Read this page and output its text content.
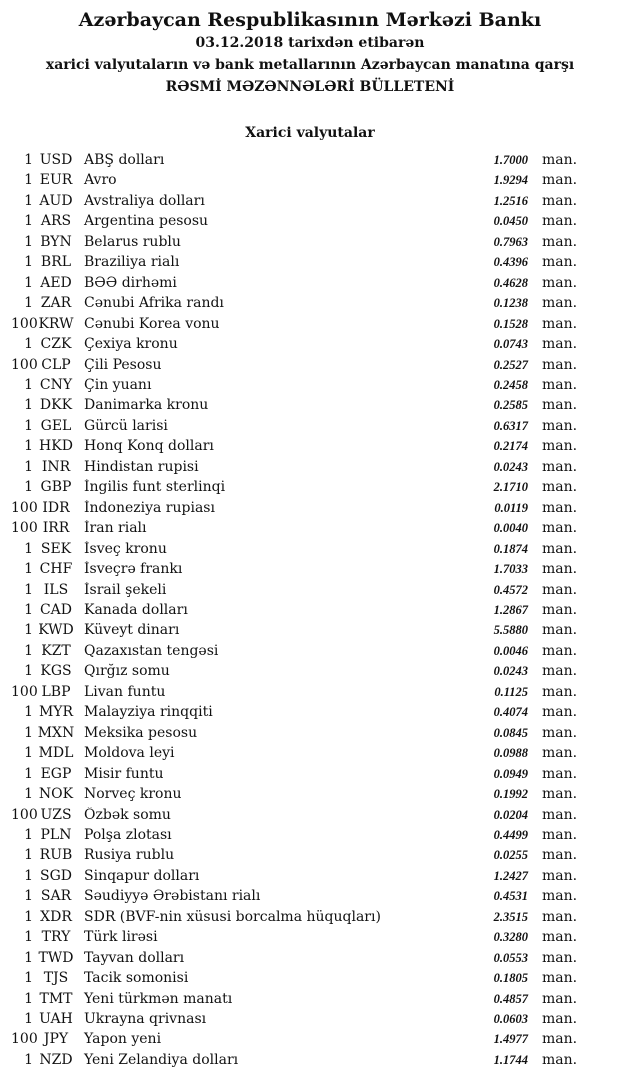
Azərbaycan Respublikasının Mərkəzi Bankı
03.12.2018 tarixdən etibarən
xarici valyutaların və bank metallarının Azərbaycan manatına qarşı
RƏSMİ MƏZƏNNƏLƏRİ BÜLLETENİ
Xarici valyutalar
1 USD ABŞ dolları	1.7000	man.
1 EUR Avro	1.9294	man.
1 AUD Avstraliya dolları	1.2516	man.
1 ARS Argentina pesosu	0.0450	man.
1 BYN Belarus rublu	0.7963	man.
1 BRL Braziliya rialı	0.4396	man.
1 AED BƏƏ dirhəmi	0.4628	man.
1 ZAR Cənubi Afrika randı	0.1238	man.
100 KRW Cənubi Korea vonu	0.1528	man.
1 CZK Çexiya kronu	0.0743	man.
100 CLP Çili Pesosu	0.2527	man.
1 CNY Çin yuanı	0.2458	man.
1 DKK Danimarka kronu	0.2585	man.
1 GEL Gürcü larisi	0.6317	man.
1 HKD Honq Konq dolları	0.2174	man.
1 INR Hindistan rupisi	0.0243	man.
1 GBP İngilis funt sterlinqi	2.1710	man.
100 IDR	İndoneziya rupiası	0.0119	man.
100 IRR	İran rialı	0.0040	man.
1 SEK İsveç kronu	0.1874	man.
1 CHF İsveçrə frankı	1.7033	man.
1 ILS	İsrail şekeli	0.4572	man.
1 CAD Kanada dolları	1.2867	man.
1 KWD Küveyt dinarı	5.5880	man.
1 KZT Qazaxıstan tengəsi	0.0046	man.
1 KGS Qırğız somu	0.0243	man.
100 LBP Livan funtu	0.1125	man.
1 MYR Malayziya rinqqiti	0.4074	man.
1 MXN Meksika pesosu	0.0845	man.
1 MDL Moldova leyi	0.0988	man.
1 EGP Misir funtu	0.0949	man.
1 NOK Norveç kronu	0.1992	man.
100 UZS Özbək somu	0.0204	man.
1 PLN Polşa zlotası	0.4499	man.
1 RUB Rusiya rublu	0.0255	man.
1 SGD Sinqapur dolları	1.2427	man.
1 SAR Səudiyyə Ərəbistanı rialı	0.4531	man.
1 XDR SDR (BVF-nin xüsusi borcalma hüquqları)	2.3515	man.
1 TRY Türk lirəsi	0.3280	man.
1 TWD Tayvan dolları	0.0553	man.
1 TJS	Tacik somonisi	0.1805	man.
1 TMT Yeni türkmən manatı	0.4857	man.
1 UAH Ukrayna qrivnası	0.0603	man.
100 JPY	Yapon yeni	1.4977	man.
1 NZD Yeni Zelandiya dolları	1.1744	man.
